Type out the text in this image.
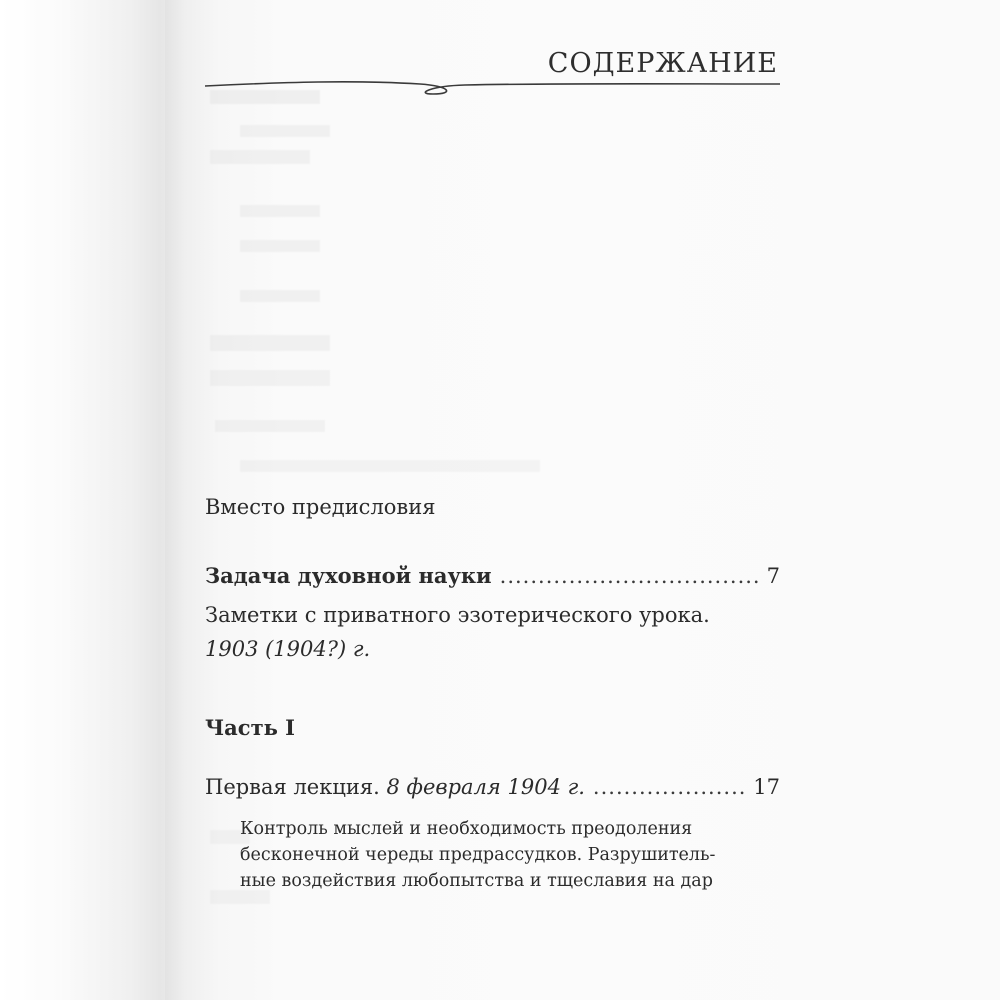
СОДЕРЖАНИЕ
Вместо предисловия
Задача духовной науки .....	7
Заметки с приватного эзотерического урока.
1903 (1904?) г.
Часть I
Первая лекция. 8 февраля 1904 г. .....	17
Контроль мыслей и необходимость преодоления
бесконечной череды предрассудков. Разрушитель-
ные воздействия любопытства и тщеславия на дар
